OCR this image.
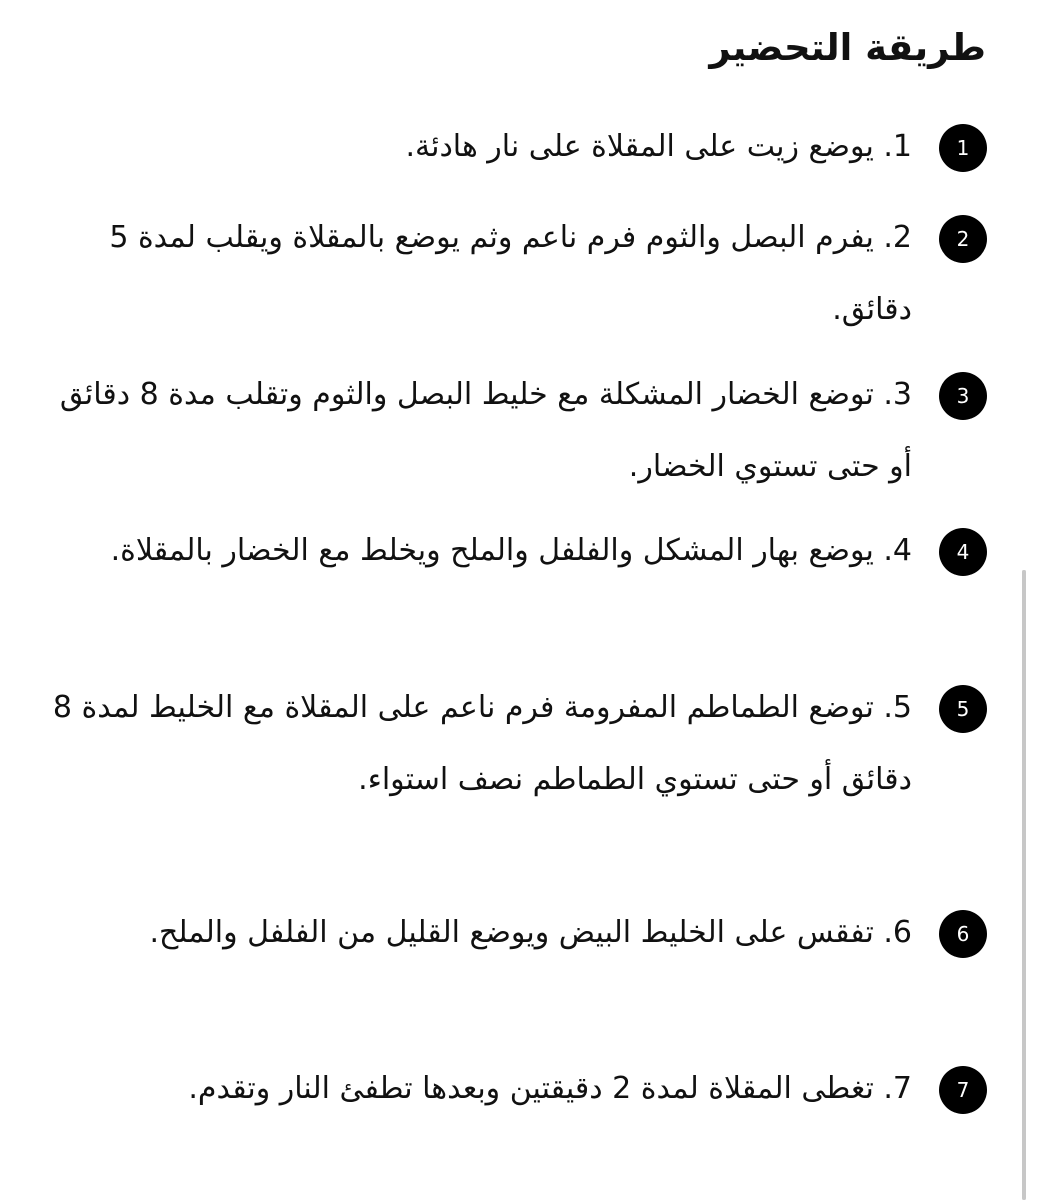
طريقة التحضير
1

1. يوضع زيت على المقلاة على نار هادئة.

2

2. يفرم البصل والثوم فرم ناعم وثم يوضع بالمقلاة ويقلب لمدة 5 دقائق.

3

3. توضع الخضار المشكلة مع خليط البصل والثوم وتقلب مدة 8 دقائق أو حتى تستوي الخضار.

4

4. يوضع بهار المشكل والفلفل والملح ويخلط مع الخضار بالمقلاة.

5

5. توضع الطماطم المفرومة فرم ناعم على المقلاة مع الخليط لمدة 8 دقائق أو حتى تستوي الطماطم نصف استواء.

6

6. تفقس على الخليط البيض ويوضع القليل من الفلفل والملح.

7

7. تغطى المقلاة لمدة 2 دقيقتين وبعدها تطفئ النار وتقدم.
